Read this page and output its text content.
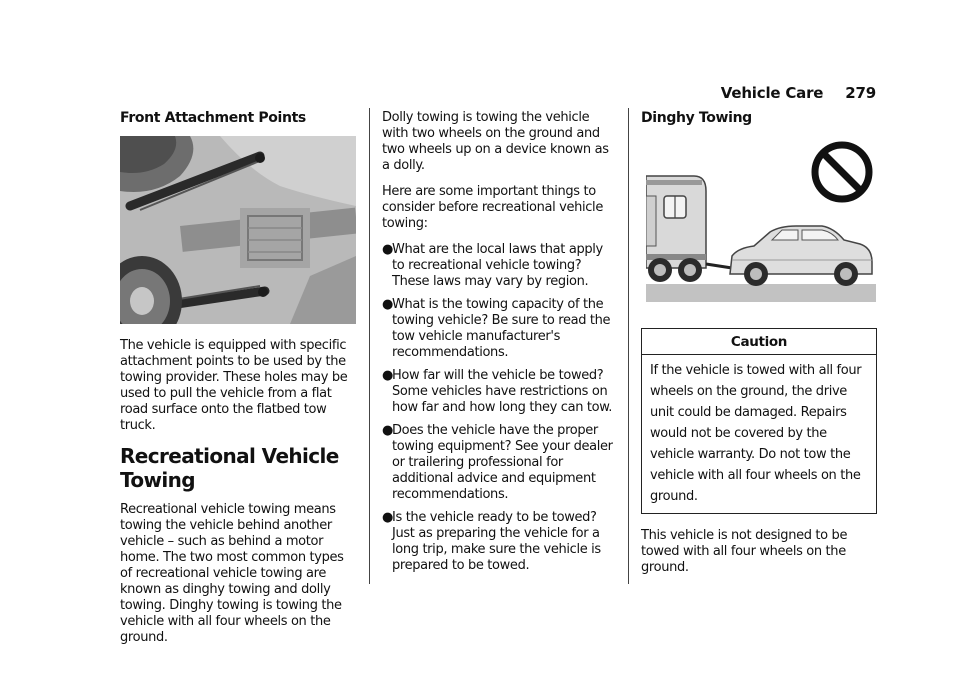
Vehicle Care 279
Front Attachment Points

The vehicle is equipped with specific attachment points to be used by the towing provider. These holes may be used to pull the vehicle from a flat road surface onto the flatbed tow truck.

Recreational Vehicle Towing

Recreational vehicle towing means towing the vehicle behind another vehicle – such as behind a motor home. The two most common types of recreational vehicle towing are known as dinghy towing and dolly towing. Dinghy towing is towing the vehicle with all four wheels on the ground.

Dolly towing is towing the vehicle with two wheels on the ground and two wheels up on a device known as a dolly.

Here are some important things to consider before recreational vehicle towing:

● What are the local laws that apply to recreational vehicle towing? These laws may vary by region.
● What is the towing capacity of the towing vehicle? Be sure to read the tow vehicle manufacturer's recommendations.
● How far will the vehicle be towed? Some vehicles have restrictions on how far and how long they can tow.
● Does the vehicle have the proper towing equipment? See your dealer or trailering professional for additional advice and equipment recommendations.
● Is the vehicle ready to be towed? Just as preparing the vehicle for a long trip, make sure the vehicle is prepared to be towed.
Dinghy Towing
Caution
If the vehicle is towed with all four wheels on the ground, the drive unit could be damaged. Repairs would not be covered by the vehicle warranty. Do not tow the vehicle with all four wheels on the ground.

This vehicle is not designed to be towed with all four wheels on the ground.
